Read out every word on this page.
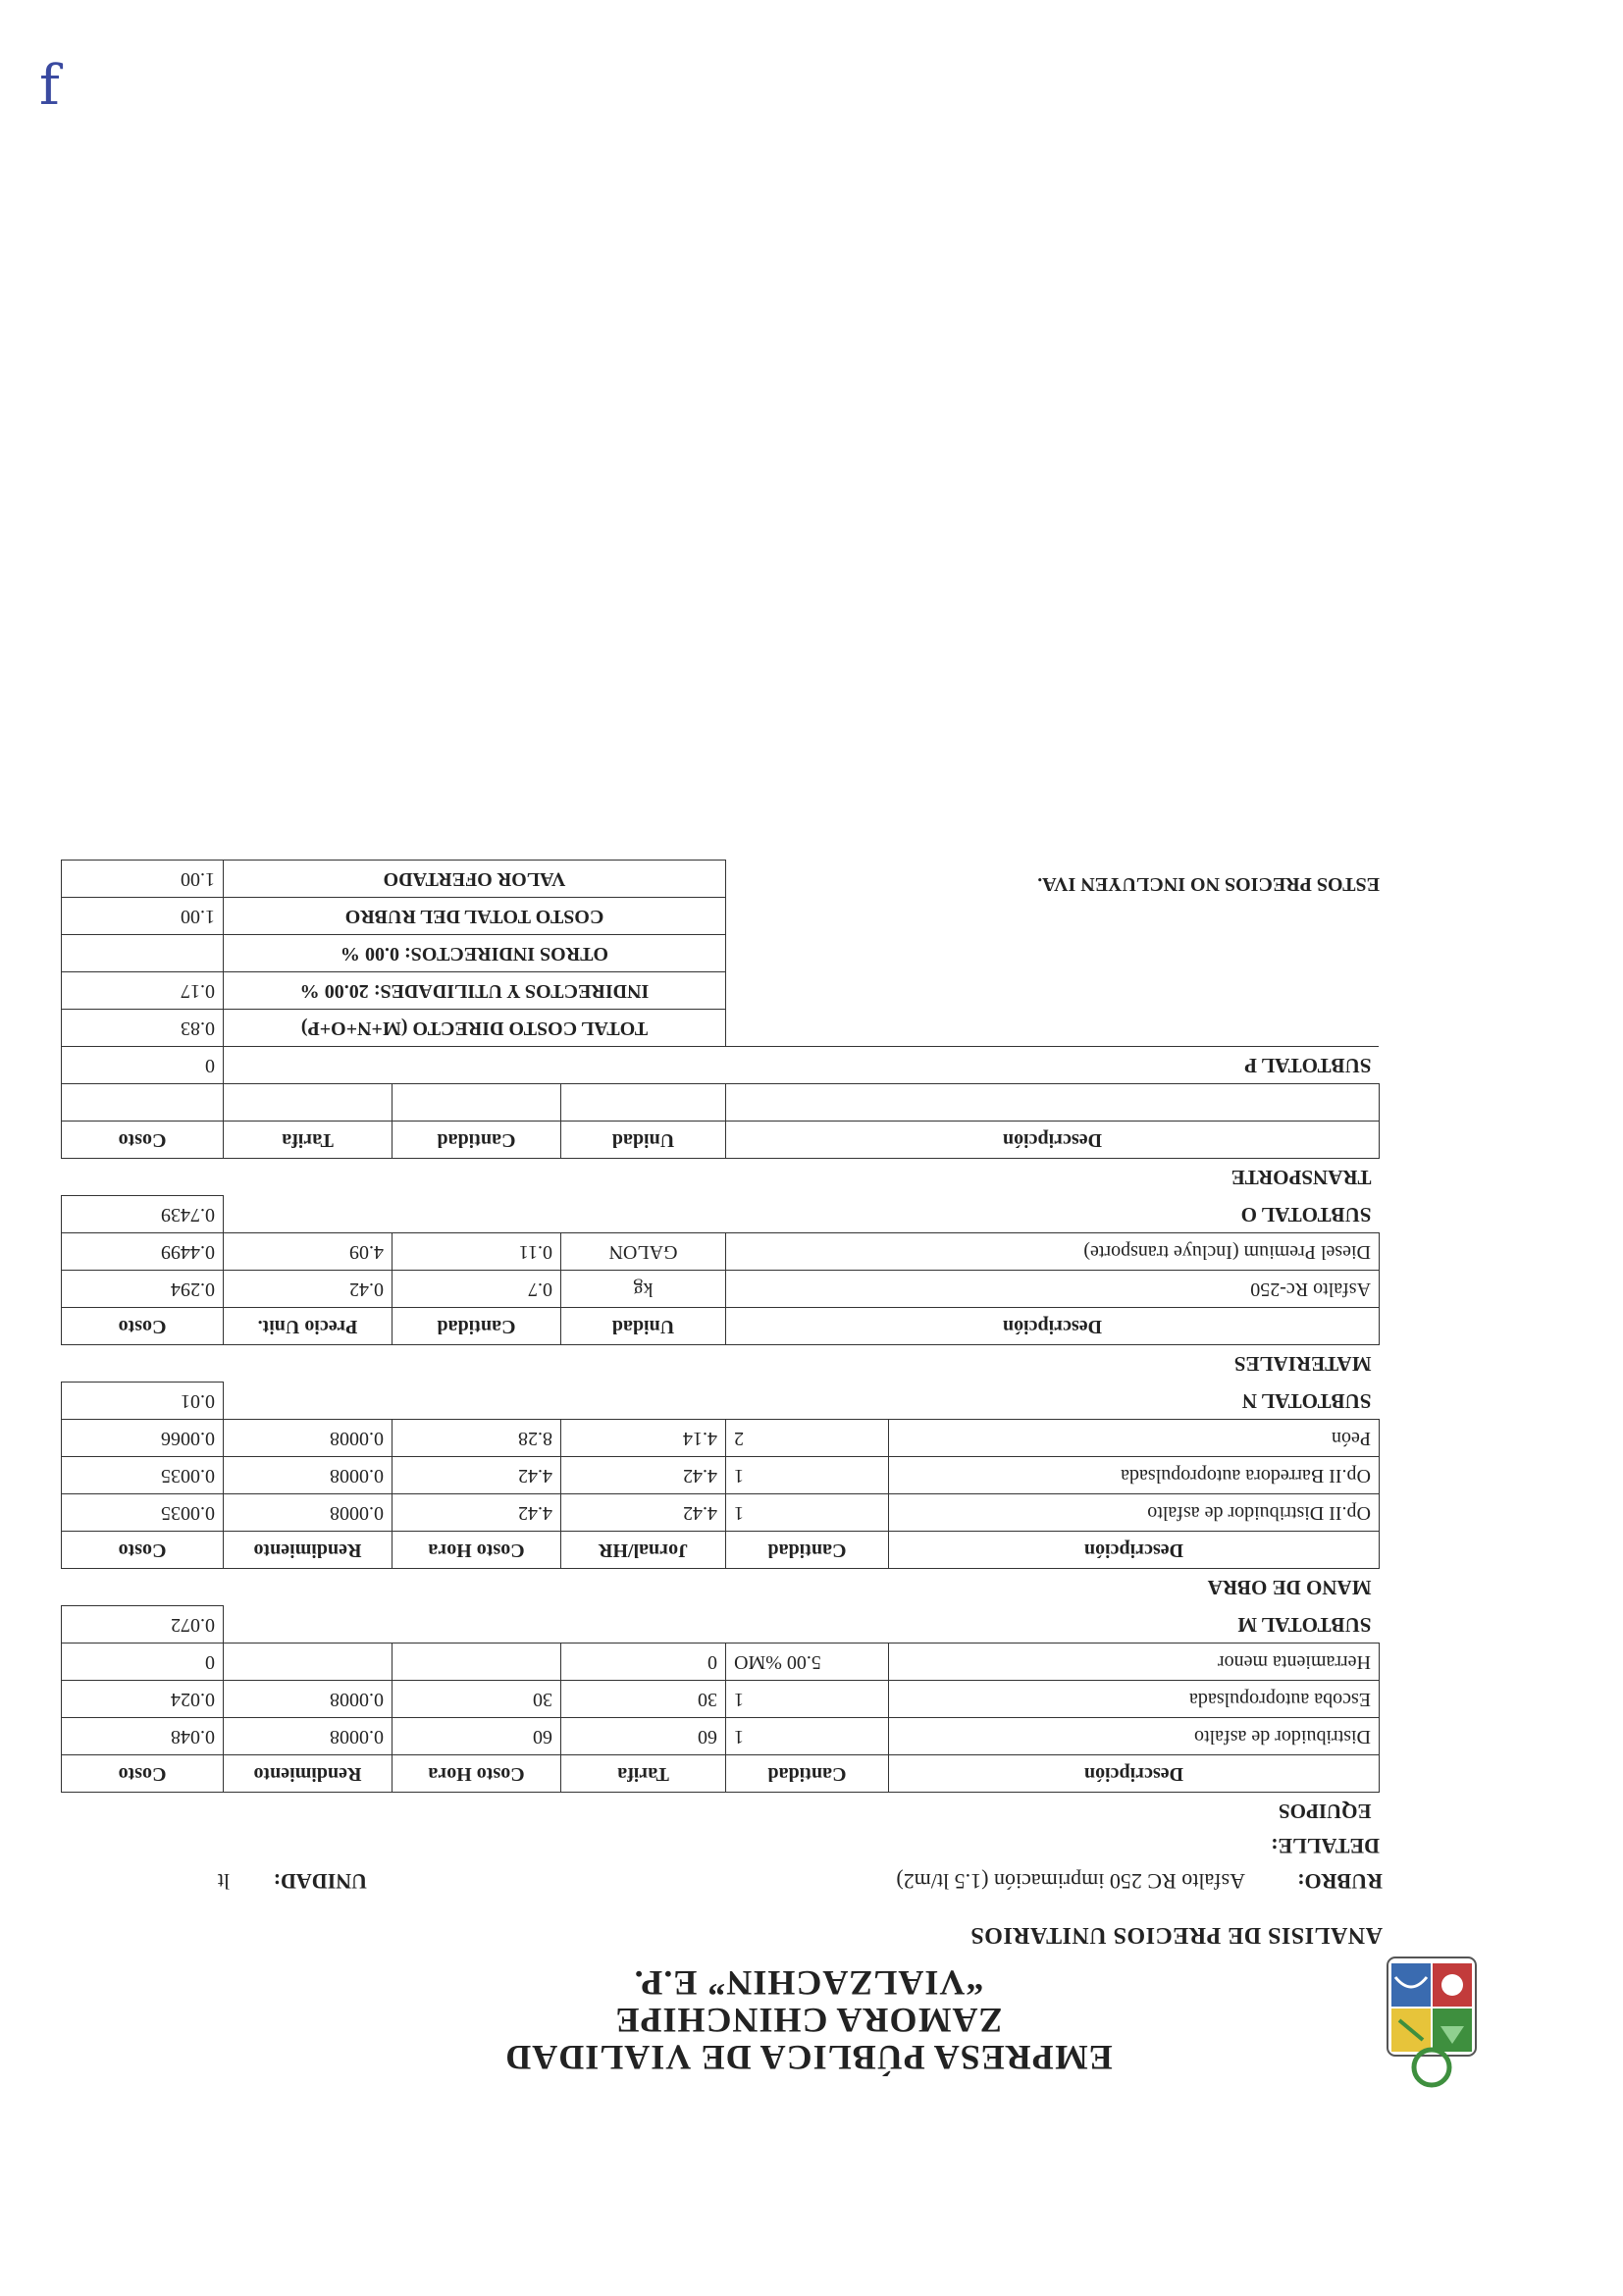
f
EMPRESA PÚBLICA DE VIALIDAD
ZAMORA CHINCHIPE
“VIALZACHIN” E.P.
ANALISIS DE PRECIOS UNITARIOS
RUBRO:
Asfalto RC 250 imprimación (1.5 lt/m2)
UNIDAD:
lt
DETALLE:
EQUIPOS					
Descripción	Cantidad	Tarifa	Costo Hora	Rendimiento	Costo
Distribuidor de asfalto	1	60	60	0.0008	0.048
Escoba autopropulsada	1	30	30	0.0008	0.024
Herramienta menor	5.00 %MO	0			0
SUBTOTAL M					0.072
MANO DE OBRA					
Descripción	Cantidad	Jornal/HR	Costo Hora	Rendimiento	Costo
Op.II Distribuidor de asfalto	1	4.42	4.42	0.0008	0.0035
Op.II Barredora autopropulsada	1	4.42	4.42	0.0008	0.0035
Peón	2	4.14	8.28	0.0008	0.0066
SUBTOTAL N					0.01
MATERIALES					
Descripción		Unidad	Cantidad	Precio Unit.	Costo
Asfalto Rc-250		kg	0.7	0.42	0.294
Diesel Premium (Incluye transporte)		GALON	0.11	4.09	0.4499
SUBTOTAL O					0.7439
TRANSPORTE					
Descripción		Unidad	Cantidad	Tarifa	Costo

SUBTOTAL P					0
		TOTAL COSTO DIRECTO (M+N+O+P)			0.83
		INDIRECTOS Y UTILIDADES: 20.00 %			0.17
		OTROS INDIRECTOS: 0.00 %			
		COSTO TOTAL DEL RUBRO			1.00
		VALOR OFERTADO			1.00	ESTOS PRECIOS NO INCLUYEN IVA.
